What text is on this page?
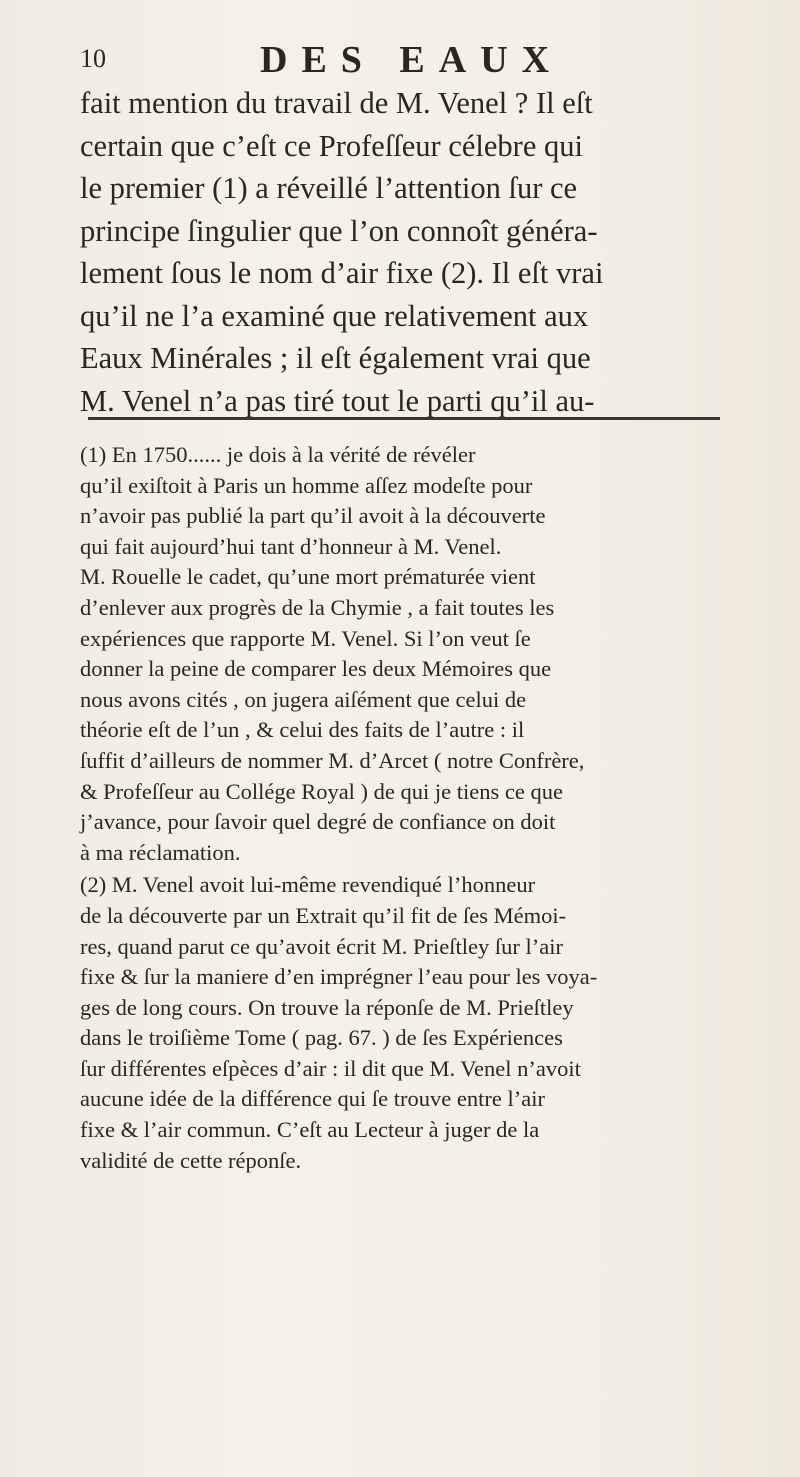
10	DES EAUX
fait mention du travail de M. Venel ? Il eſt
certain que c’eſt ce Profeſſeur célebre qui
le premier (1) a réveillé l’attention ſur ce
principe ſingulier que l’on connoît généra-
lement ſous le nom d’air fixe (2). Il eſt vrai
qu’il ne l’a examiné que relativement aux
Eaux Minérales ; il eſt également vrai que
M. Venel n’a pas tiré tout le parti qu’il au-
(1) En 1750...... je dois à la vérité de révéler
qu’il exiſtoit à Paris un homme aſſez modeſte pour
n’avoir pas publié la part qu’il avoit à la découverte
qui fait aujourd’hui tant d’honneur à M. Venel.
M. Rouelle le cadet, qu’une mort prématurée vient
d’enlever aux progrès de la Chymie , a fait toutes les
expériences que rapporte M. Venel. Si l’on veut ſe
donner la peine de comparer les deux Mémoires que
nous avons cités , on jugera aiſément que celui de
théorie eſt de l’un , & celui des faits de l’autre : il
ſuffit d’ailleurs de nommer M. d’Arcet ( notre Confrère,
& Profeſſeur au Collége Royal ) de qui je tiens ce que
j’avance, pour ſavoir quel degré de confiance on doit
à ma réclamation.
(2) M. Venel avoit lui-même revendiqué l’honneur
de la découverte par un Extrait qu’il fit de ſes Mémoi-
res, quand parut ce qu’avoit écrit M. Prieſtley ſur l’air
fixe & ſur la maniere d’en imprégner l’eau pour les voya-
ges de long cours. On trouve la réponſe de M. Prieſtley
dans le troiſième Tome ( pag. 67. ) de ſes Expériences
ſur différentes eſpèces d’air : il dit que M. Venel n’avoit
aucune idée de la différence qui ſe trouve entre l’air
fixe & l’air commun. C’eſt au Lecteur à juger de la
validité de cette réponſe.
